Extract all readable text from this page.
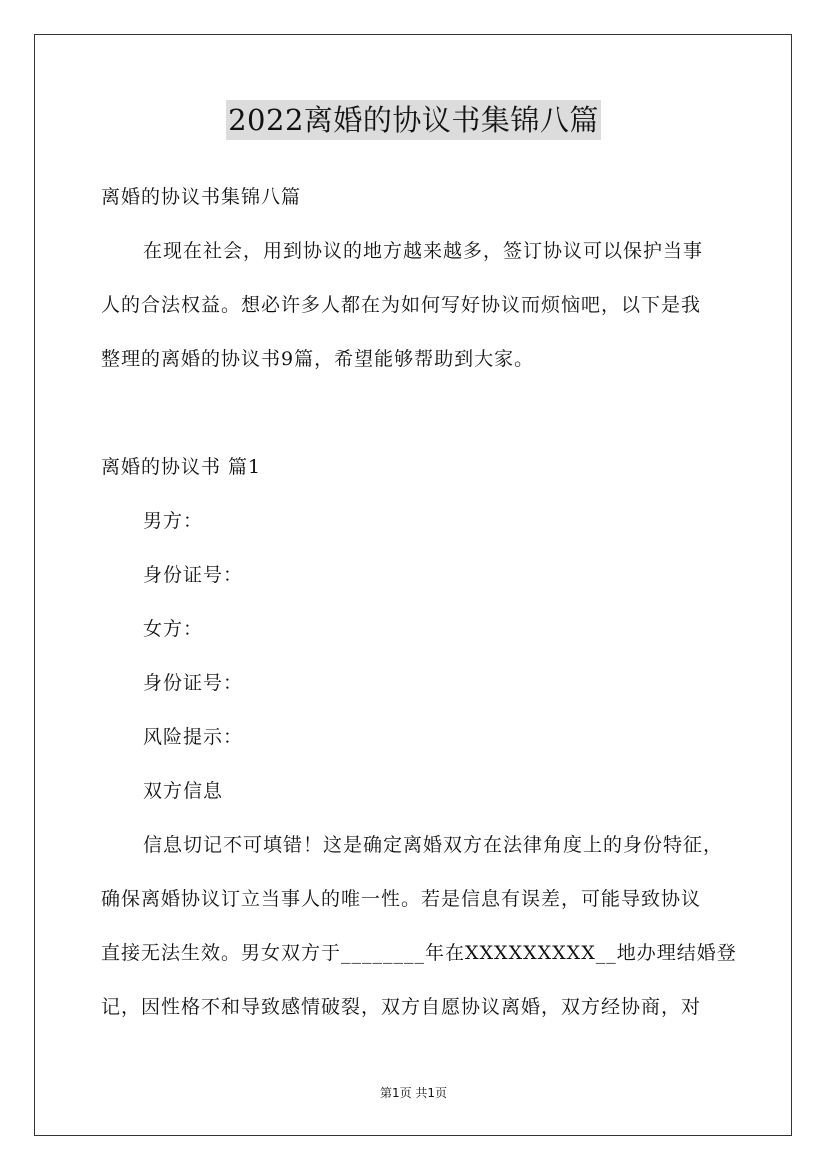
2022离婚的协议书集锦八篇
离婚的协议书集锦八篇
在现在社会，用到协议的地方越来越多，签订协议可以保护当事
人的合法权益。想必许多人都在为如何写好协议而烦恼吧，以下是我
整理的离婚的协议书9篇，希望能够帮助到大家。
离婚的协议书 篇1
男方：
身份证号：
女方：
身份证号：
风险提示：
双方信息
信息切记不可填错！这是确定离婚双方在法律角度上的身份特征，
确保离婚协议订立当事人的唯一性。若是信息有误差，可能导致协议
直接无法生效。男女双方于________年在XXXXXXXXX__地办理结婚登
记，因性格不和导致感情破裂，双方自愿协议离婚，双方经协商，对
第1页 共1页
